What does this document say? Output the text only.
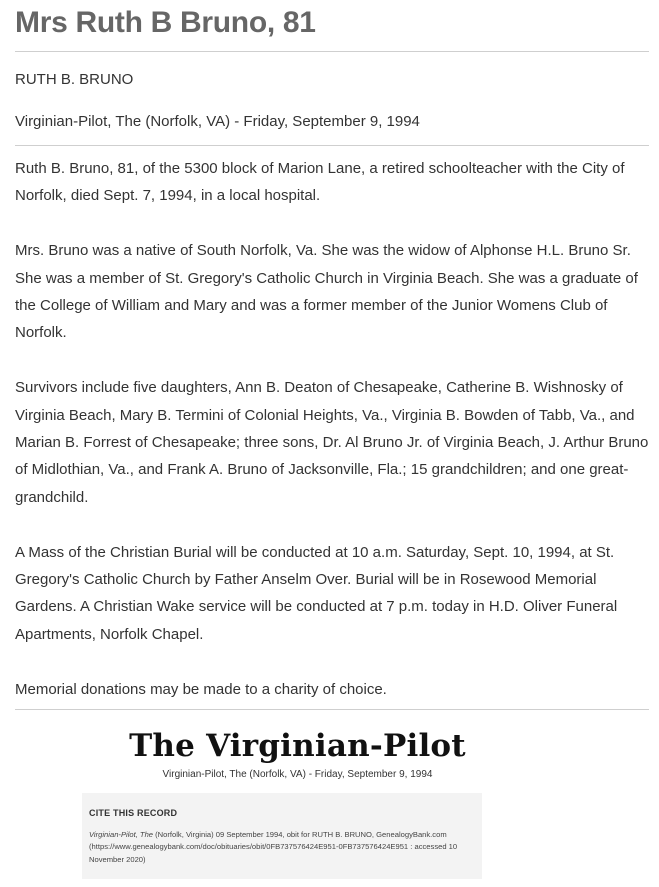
Mrs Ruth B Bruno, 81
RUTH B. BRUNO
Virginian-Pilot, The (Norfolk, VA) - Friday, September 9, 1994

Ruth B. Bruno, 81, of the 5300 block of Marion Lane, a retired schoolteacher with the City of Norfolk, died Sept. 7, 1994, in a local hospital.

Mrs. Bruno was a native of South Norfolk, Va. She was the widow of Alphonse H.L. Bruno Sr. She was a member of St. Gregory's Catholic Church in Virginia Beach. She was a graduate of the College of William and Mary and was a former member of the Junior Womens Club of Norfolk.

Survivors include five daughters, Ann B. Deaton of Chesapeake, Catherine B. Wishnosky of Virginia Beach, Mary B. Termini of Colonial Heights, Va., Virginia B. Bowden of Tabb, Va., and Marian B. Forrest of Chesapeake; three sons, Dr. Al Bruno Jr. of Virginia Beach, J. Arthur Bruno of Midlothian, Va., and Frank A. Bruno of Jacksonville, Fla.; 15 grandchildren; and one great-grandchild.

A Mass of the Christian Burial will be conducted at 10 a.m. Saturday, Sept. 10, 1994, at St. Gregory's Catholic Church by Father Anselm Over. Burial will be in Rosewood Memorial Gardens. A Christian Wake service will be conducted at 7 p.m. today in H.D. Oliver Funeral Apartments, Norfolk Chapel.

Memorial donations may be made to a charity of choice.

The Virginian-Pilot
Virginian-Pilot, The (Norfolk, VA) - Friday, September 9, 1994
CITE THIS RECORD
Virginian-Pilot, The (Norfolk, Virginia) 09 September 1994, obit for RUTH B. BRUNO, GenealogyBank.com (https://www.genealogybank.com/doc/obituaries/obit/0FB737576424E951-0FB737576424E951 : accessed 10 November 2020)
